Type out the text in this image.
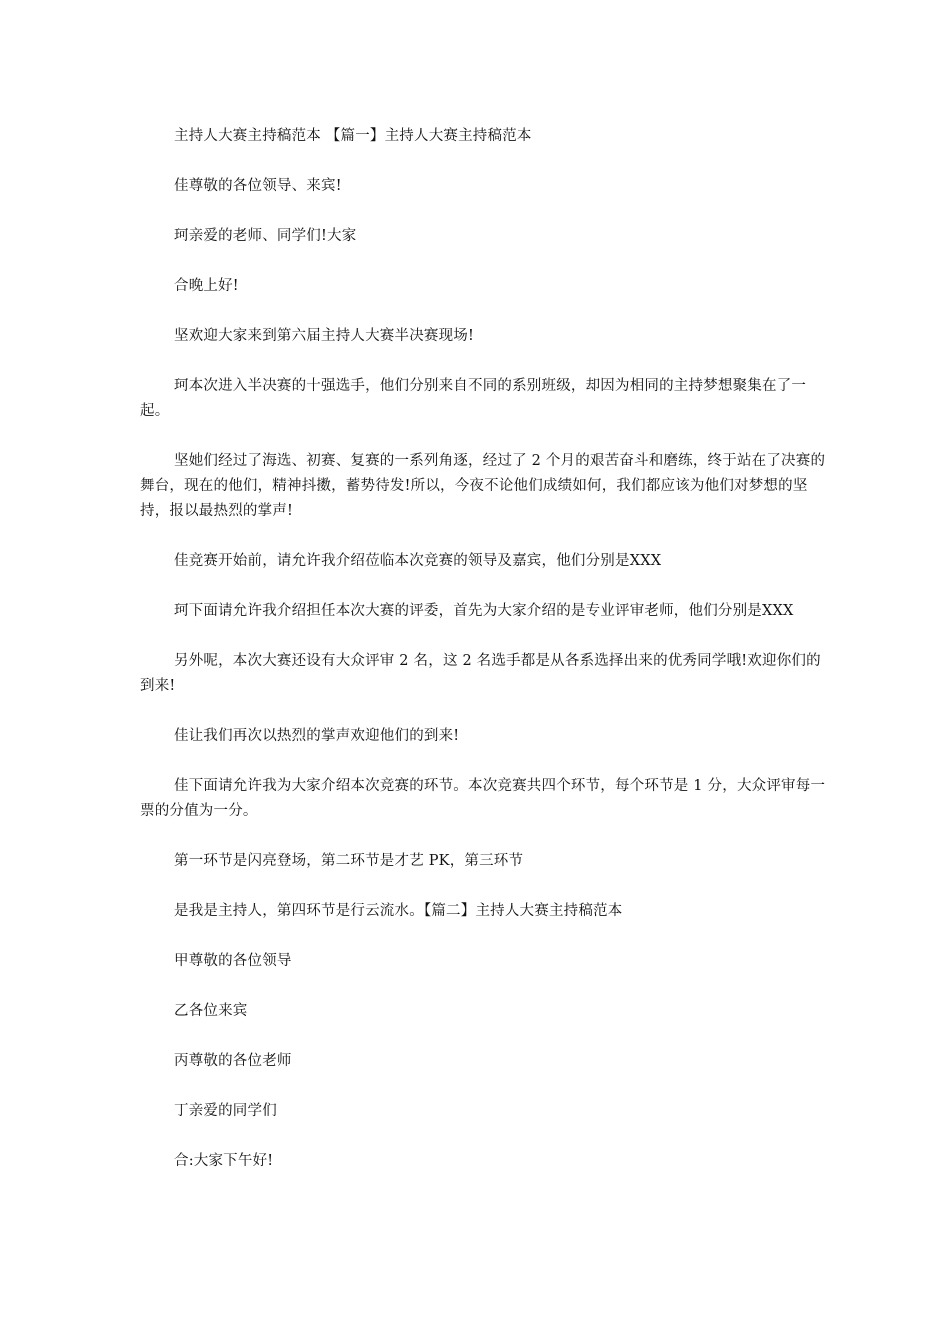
主持人大赛主持稿范本 【篇一】主持人大赛主持稿范本

佳尊敬的各位领导、来宾!

珂亲爱的老师、同学们!大家

合晚上好!

坚欢迎大家来到第六届主持人大赛半决赛现场!

珂本次进入半决赛的十强选手，他们分别来自不同的系别班级，却因为相同的主持梦想聚集在了一起。

坚她们经过了海选、初赛、复赛的一系列角逐，经过了 2 个月的艰苦奋斗和磨练，终于站在了决赛的舞台，现在的他们，精神抖擞，蓄势待发!所以，今夜不论他们成绩如何，我们都应该为他们对梦想的坚持，报以最热烈的掌声!

佳竞赛开始前，请允许我介绍莅临本次竞赛的领导及嘉宾，他们分别是XXX

珂下面请允许我介绍担任本次大赛的评委，首先为大家介绍的是专业评审老师，他们分别是XXX

另外呢，本次大赛还设有大众评审 2 名，这 2 名选手都是从各系选择出来的优秀同学哦!欢迎你们的到来!

佳让我们再次以热烈的掌声欢迎他们的到来!

佳下面请允许我为大家介绍本次竞赛的环节。本次竞赛共四个环节，每个环节是 1 分，大众评审每一票的分值为一分。

第一环节是闪亮登场，第二环节是才艺 PK，第三环节

是我是主持人，第四环节是行云流水。【篇二】主持人大赛主持稿范本

甲尊敬的各位领导

乙各位来宾

丙尊敬的各位老师

丁亲爱的同学们

合:大家下午好!
